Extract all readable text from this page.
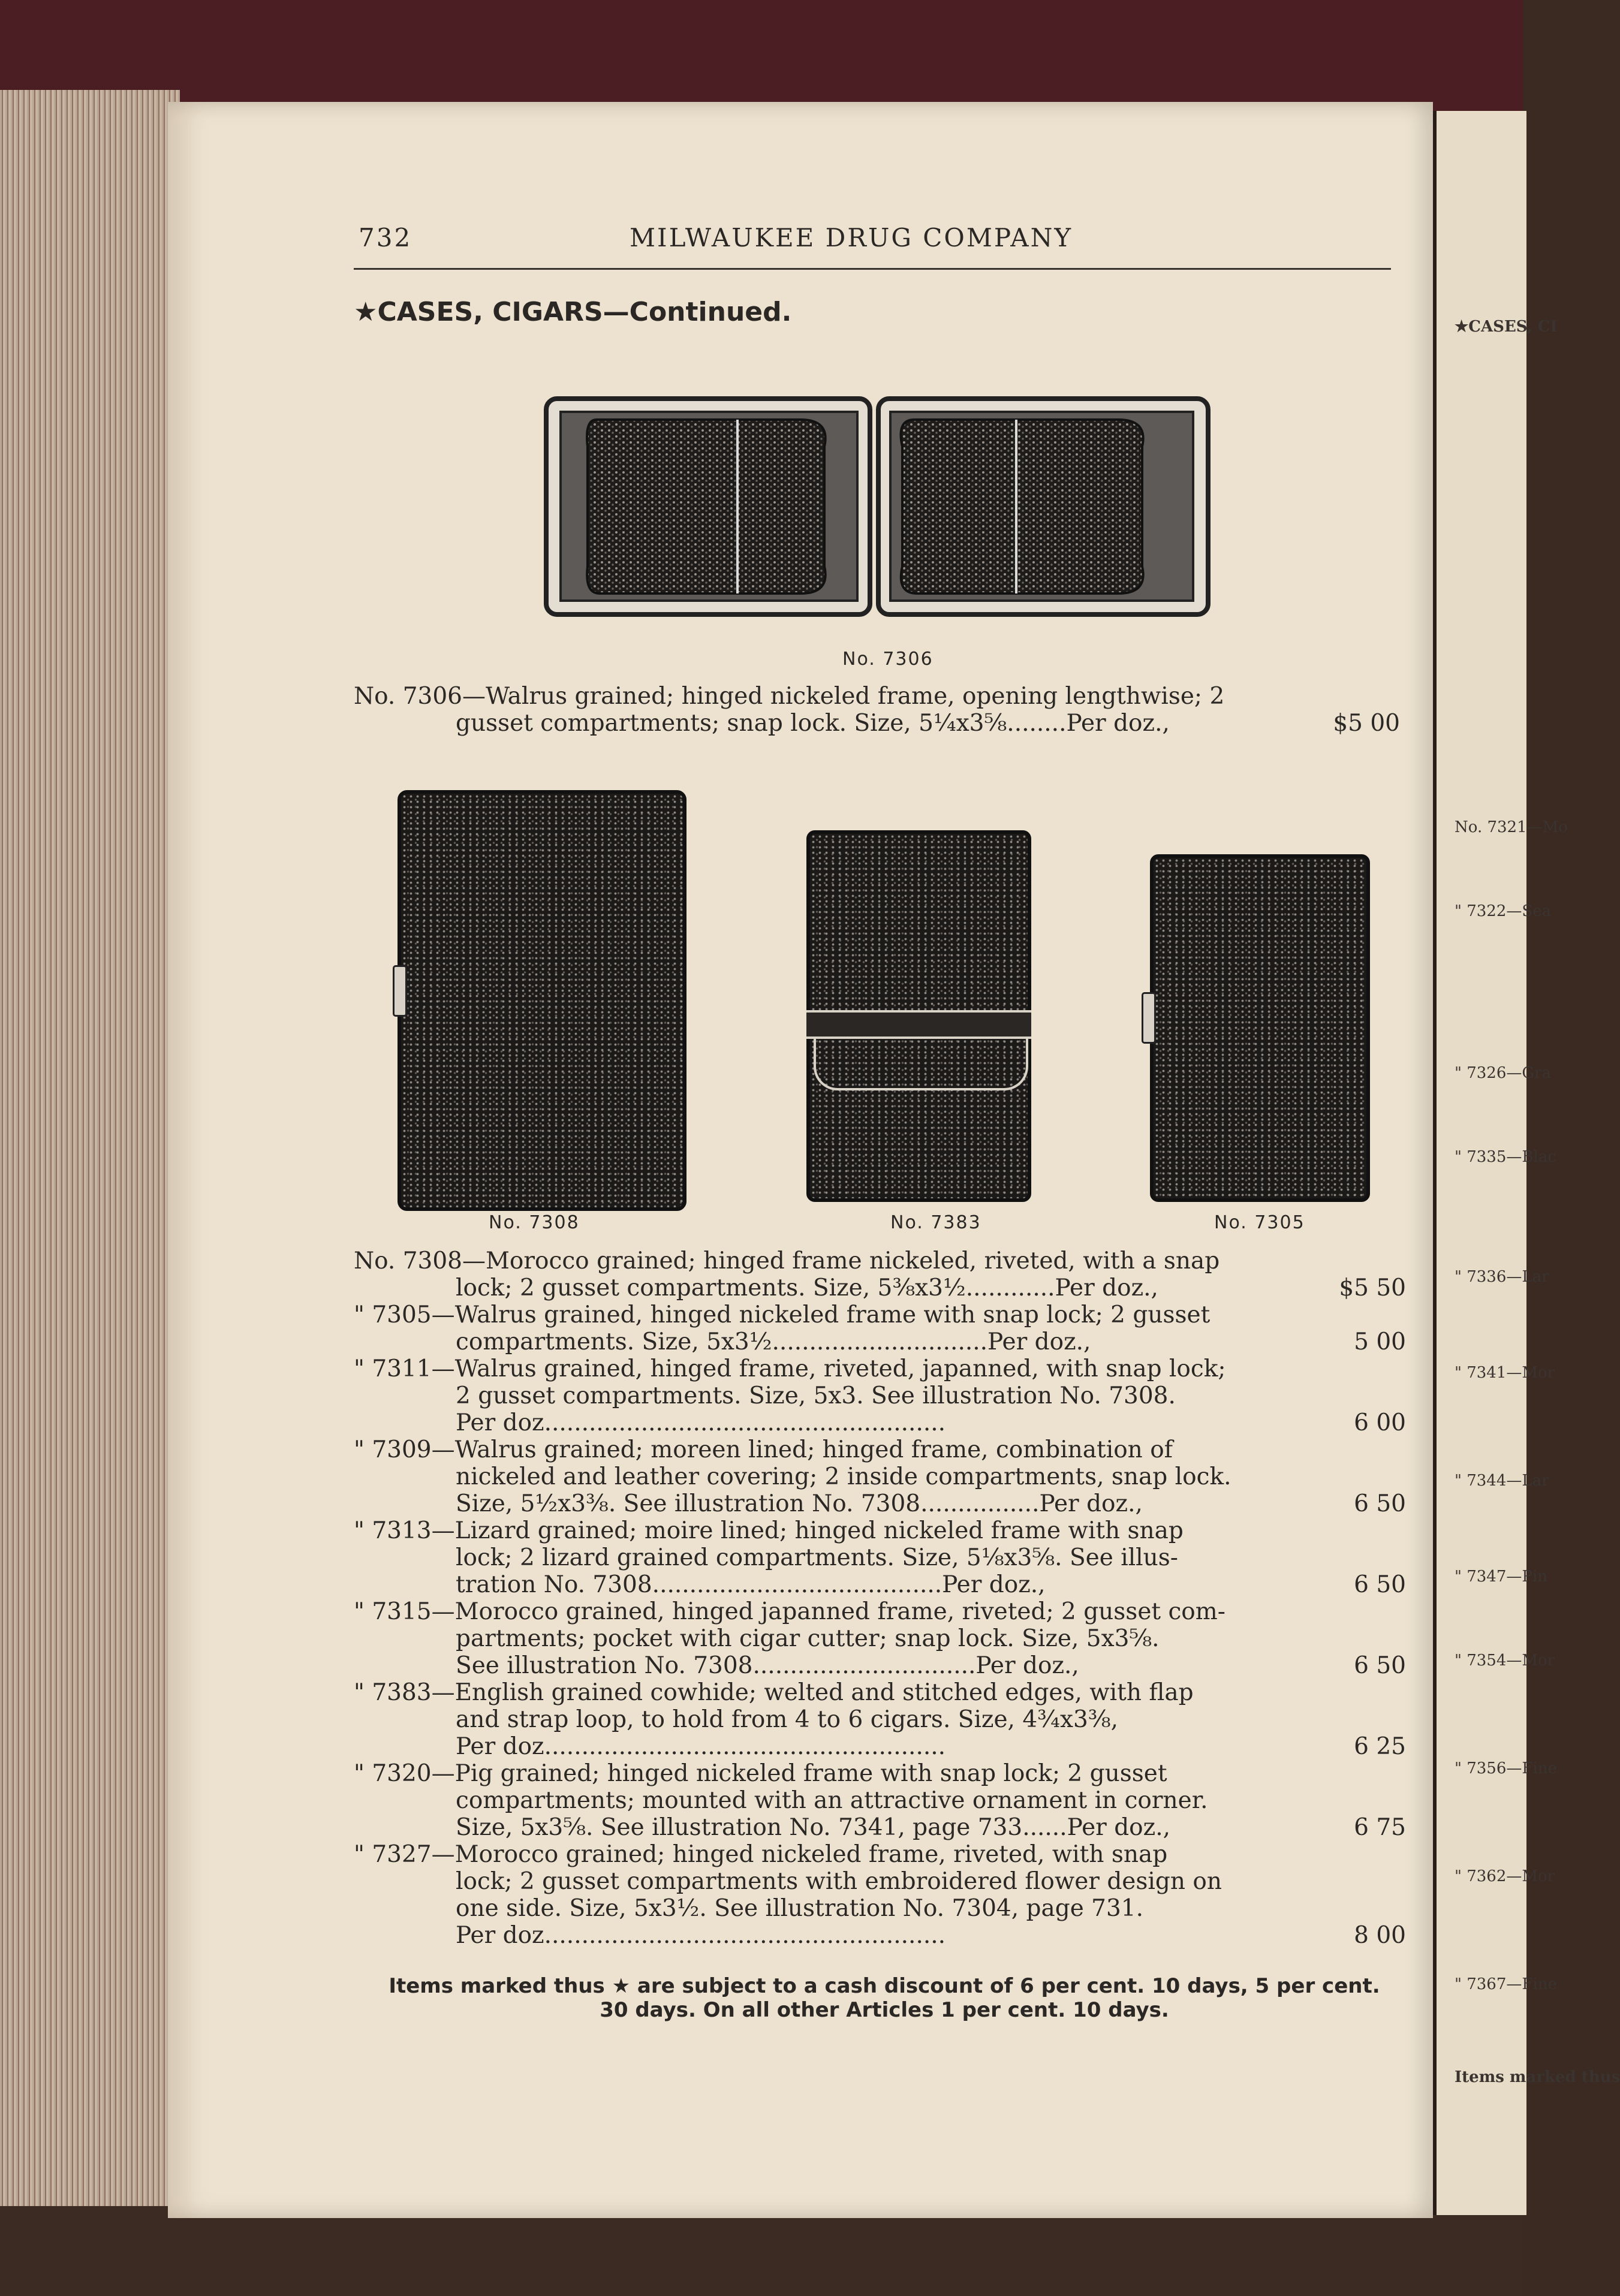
★CASES, CI
No. 7321—Mo
" 7322—Sea
" 7326—Gra
" 7335—Blac
" 7336—Lar
" 7341—Mor
" 7344—Lar
" 7347—Pin
" 7354—Mor
" 7356—Fine
" 7362—Mor
" 7367—Fine
Items marked thus
732	MILWAUKEE DRUG COMPANY
★CASES, CIGARS—Continued.
No. 7306
No. 7306—Walrus grained; hinged nickeled frame, opening lengthwise; 2
gusset compartments; snap lock. Size, 5¼x3⅝........Per doz.,	$5 00
No. 7308	No. 7383	No. 7305
No. 7308—Morocco grained; hinged frame nickeled, riveted, with a snap
lock; 2 gusset compartments. Size, 5⅜x3½............Per doz.,	$5 50
" 7305—Walrus grained, hinged nickeled frame with snap lock; 2 gusset
compartments. Size, 5x3½.............................Per doz.,	5 00
" 7311—Walrus grained, hinged frame, riveted, japanned, with snap lock;
2 gusset compartments. Size, 5x3. See illustration No. 7308.
Per doz......................................................	6 00
" 7309—Walrus grained; moreen lined; hinged frame, combination of
nickeled and leather covering; 2 inside compartments, snap lock.
Size, 5½x3⅜. See illustration No. 7308................Per doz.,	6 50
" 7313—Lizard grained; moire lined; hinged nickeled frame with snap
lock; 2 lizard grained compartments. Size, 5⅛x3⅝. See illus-
tration No. 7308.......................................Per doz.,	6 50
" 7315—Morocco grained, hinged japanned frame, riveted; 2 gusset com-
partments; pocket with cigar cutter; snap lock. Size, 5x3⅝.
See illustration No. 7308..............................Per doz.,	6 50
" 7383—English grained cowhide; welted and stitched edges, with flap
and strap loop, to hold from 4 to 6 cigars. Size, 4¾x3⅜,
Per doz......................................................	6 25
" 7320—Pig grained; hinged nickeled frame with snap lock; 2 gusset
compartments; mounted with an attractive ornament in corner.
Size, 5x3⅝. See illustration No. 7341, page 733......Per doz.,	6 75
" 7327—Morocco grained; hinged nickeled frame, riveted, with snap
lock; 2 gusset compartments with embroidered flower design on
one side. Size, 5x3½. See illustration No. 7304, page 731.
Per doz......................................................	8 00
Items marked thus ★ are subject to a cash discount of 6 per cent. 10 days, 5 per cent.
30 days. On all other Articles 1 per cent. 10 days.
